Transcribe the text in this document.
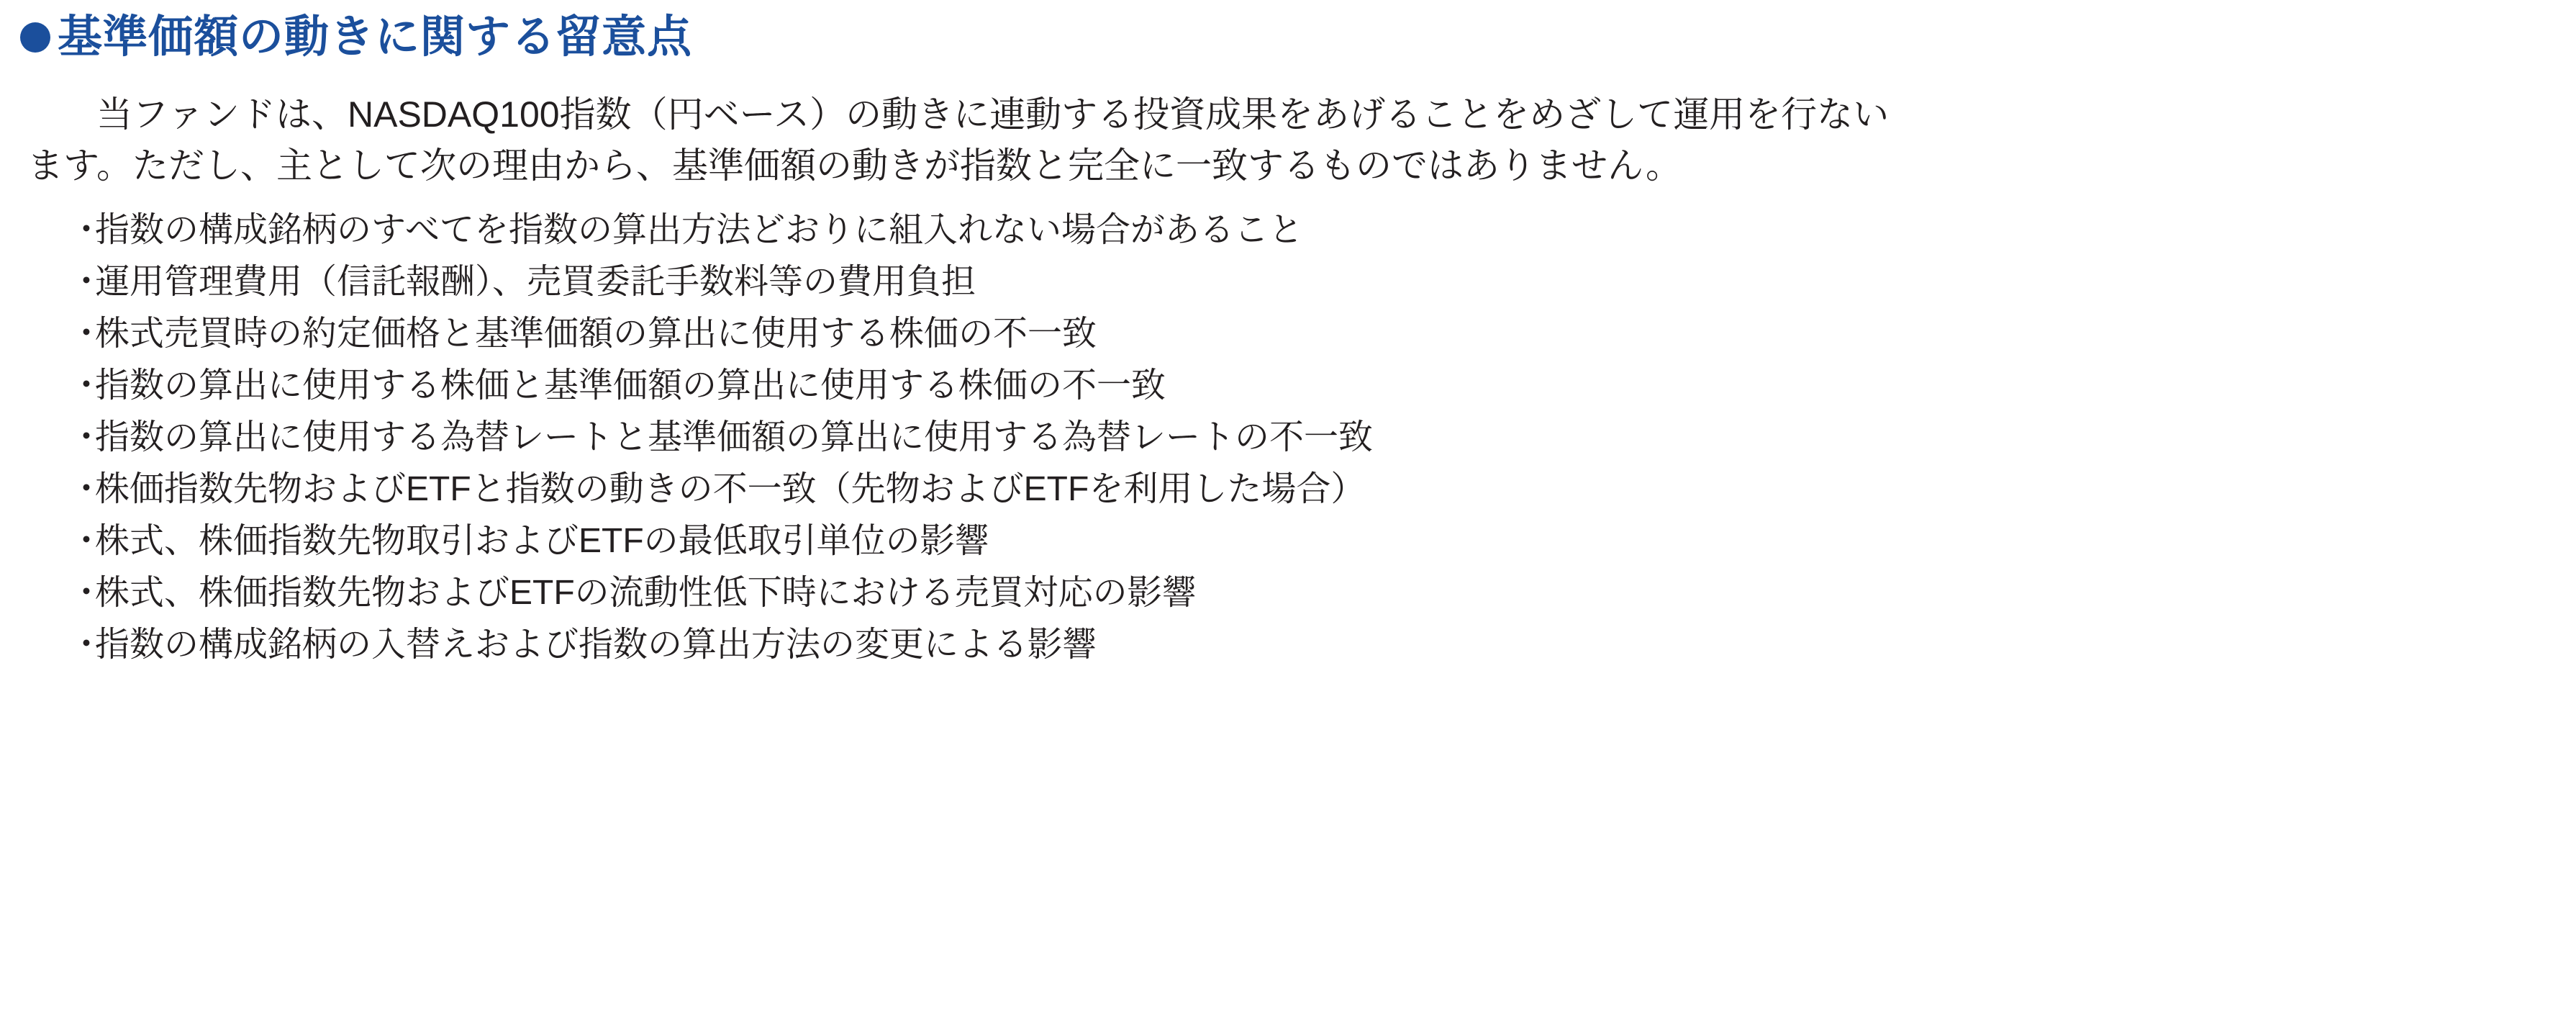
基準価額の動きに関する留意点
当ファンドは、NASDAQ100指数（円ベース）の動きに連動する投資成果をあげることをめざして運用を行ない
ます。ただし、主として次の理由から、基準価額の動きが指数と完全に一致するものではありません。
・
指数の構成銘柄のすべてを指数の算出方法どおりに組入れない場合があること
・
運用管理費用（信託報酬）、売買委託手数料等の費用負担
・
株式売買時の約定価格と基準価額の算出に使用する株価の不一致
・
指数の算出に使用する株価と基準価額の算出に使用する株価の不一致
・
指数の算出に使用する為替レートと基準価額の算出に使用する為替レートの不一致
・
株価指数先物およびETFと指数の動きの不一致（先物およびETFを利用した場合）
・
株式、株価指数先物取引およびETFの最低取引単位の影響
・
株式、株価指数先物およびETFの流動性低下時における売買対応の影響
・
指数の構成銘柄の入替えおよび指数の算出方法の変更による影響
